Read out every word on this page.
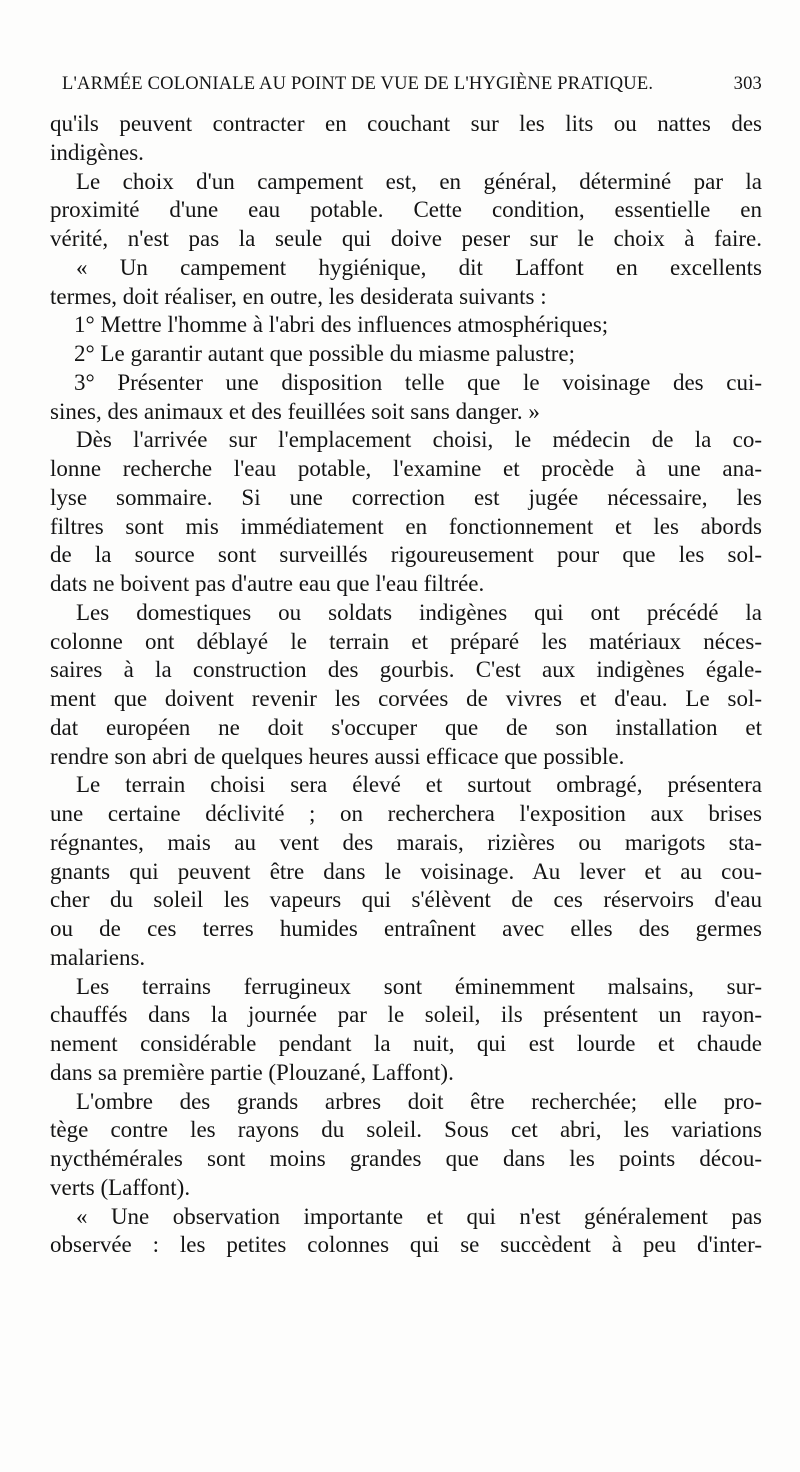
L'ARMÉE COLONIALE AU POINT DE VUE DE L'HYGIÈNE PRATIQUE.	303
qu'ils peuvent contracter en couchant sur les lits ou nattes des
indigènes.
Le choix d'un campement est, en général, déterminé par la
proximité d'une eau potable. Cette condition, essentielle en
vérité, n'est pas la seule qui doive peser sur le choix à faire.
« Un campement hygiénique, dit Laffont en excellents
termes, doit réaliser, en outre, les desiderata suivants :
1° Mettre l'homme à l'abri des influences atmosphériques;
2° Le garantir autant que possible du miasme palustre;
3° Présenter une disposition telle que le voisinage des cui-
sines, des animaux et des feuillées soit sans danger. »
Dès l'arrivée sur l'emplacement choisi, le médecin de la co-
lonne recherche l'eau potable, l'examine et procède à une ana-
lyse sommaire. Si une correction est jugée nécessaire, les
filtres sont mis immédiatement en fonctionnement et les abords
de la source sont surveillés rigoureusement pour que les sol-
dats ne boivent pas d'autre eau que l'eau filtrée.
Les domestiques ou soldats indigènes qui ont précédé la
colonne ont déblayé le terrain et préparé les matériaux néces-
saires à la construction des gourbis. C'est aux indigènes égale-
ment que doivent revenir les corvées de vivres et d'eau. Le sol-
dat européen ne doit s'occuper que de son installation et
rendre son abri de quelques heures aussi efficace que possible.
Le terrain choisi sera élevé et surtout ombragé, présentera
une certaine déclivité ; on recherchera l'exposition aux brises
régnantes, mais au vent des marais, rizières ou marigots sta-
gnants qui peuvent être dans le voisinage. Au lever et au cou-
cher du soleil les vapeurs qui s'élèvent de ces réservoirs d'eau
ou de ces terres humides entraînent avec elles des germes
malariens.
Les terrains ferrugineux sont éminemment malsains, sur-
chauffés dans la journée par le soleil, ils présentent un rayon-
nement considérable pendant la nuit, qui est lourde et chaude
dans sa première partie (Plouzané, Laffont).
L'ombre des grands arbres doit être recherchée; elle pro-
tège contre les rayons du soleil. Sous cet abri, les variations
nycthémérales sont moins grandes que dans les points décou-
verts (Laffont).
« Une observation importante et qui n'est généralement pas
observée : les petites colonnes qui se succèdent à peu d'inter-
